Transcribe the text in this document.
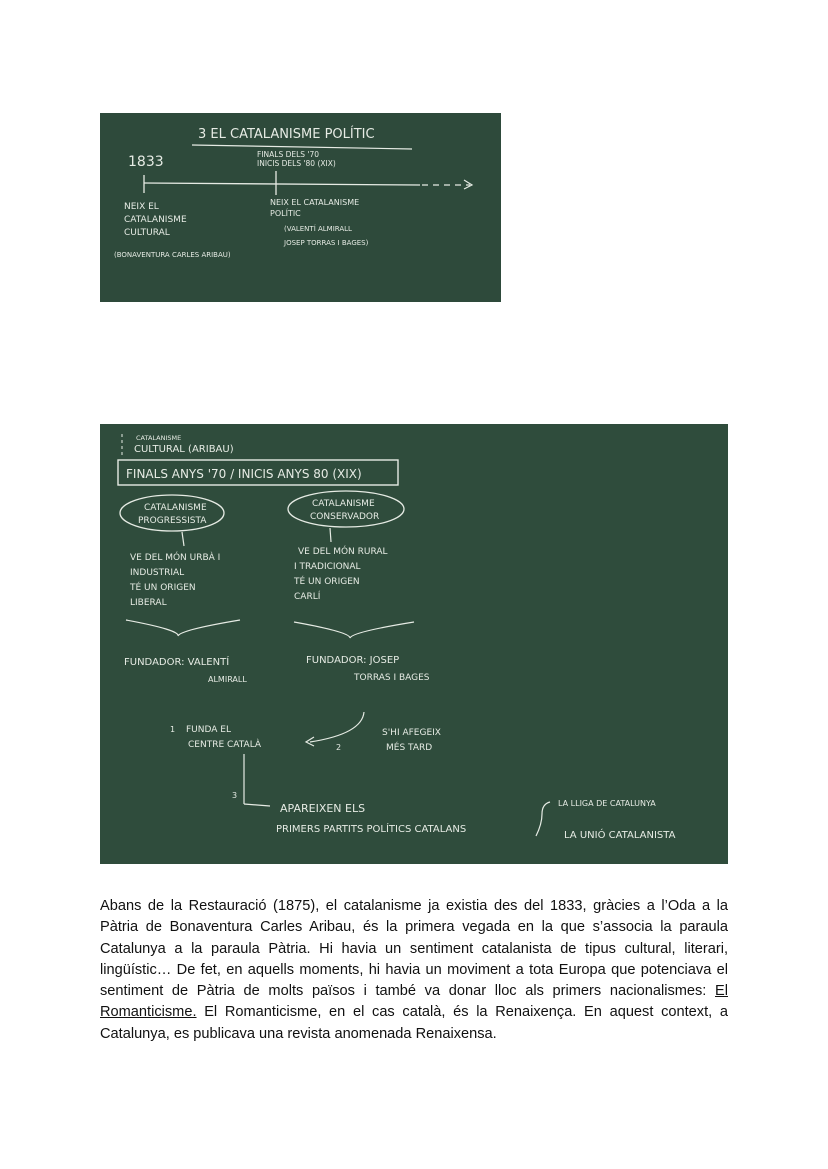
3 EL CATALANISME POLÍTIC
1833	FINALS DELS '70
INICIS DELS '80 (XIX)
NEIX EL
CATALANISME
CULTURAL
(BONAVENTURA CARLES ARIBAU)
NEIX EL CATALANISME
POLÍTIC
(VALENTÍ ALMIRALL
JOSEP TORRAS I BAGES)
CATALANISME
CULTURAL (ARIBAU)
FINALS ANYS '70 / INICIS ANYS 80 (XIX)
CATALANISME
PROGRESSISTA
CATALANISME
CONSERVADOR
VE DEL MÓN URBÀ I
INDUSTRIAL
TÉ UN ORIGEN
LIBERAL
VE DEL MÓN RURAL
I TRADICIONAL
TÉ UN ORIGEN
CARLÍ
FUNDADOR: VALENTÍ
ALMIRALL
FUNDADOR: JOSEP
TORRAS I BAGES
1 FUNDA EL
CENTRE CATALÀ	2
S'HI AFEGEIX
MÉS TARD
3
APAREIXEN ELS
PRIMERS PARTITS POLÍTICS CATALANS
LA LLIGA DE CATALUNYA
LA UNIÓ CATALANISTA

Abans de la Restauració (1875), el catalanisme ja existia des del 1833, gràcies a l’Oda a la Pàtria de Bonaventura Carles Aribau, és la primera vegada en la que s’associa la paraula Catalunya a la paraula Pàtria. Hi havia un sentiment catalanista de tipus cultural, literari, lingüístic… De fet, en aquells moments, hi havia un moviment a tota Europa que potenciava el sentiment de Pàtria de molts països i també va donar lloc als primers nacionalismes: El Romanticisme. El Romanticisme, en el cas català, és la Renaixença. En aquest context, a Catalunya, es publicava una revista anomenada Renaixensa.
